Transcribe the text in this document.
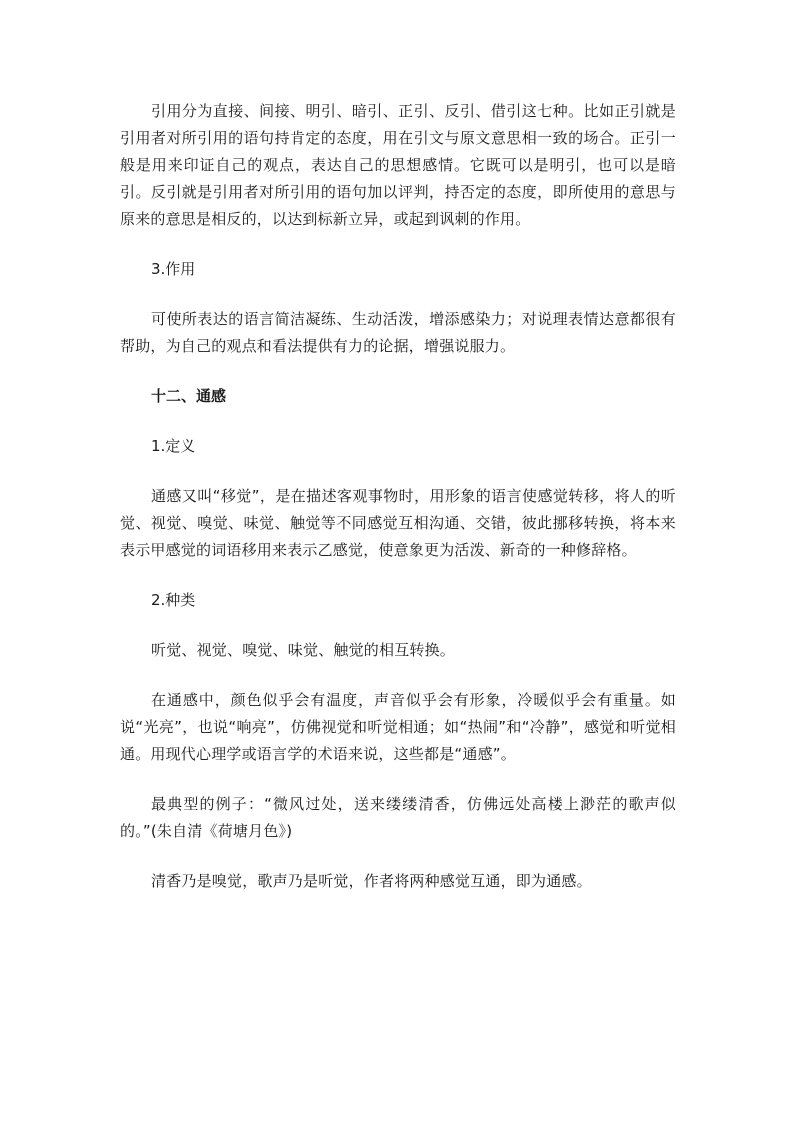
引用分为直接、间接、明引、暗引、正引、反引、借引这七种。比如正引就是引用者对所引用的语句持肯定的态度，用在引文与原文意思相一致的场合。正引一般是用来印证自己的观点，表达自己的思想感情。它既可以是明引，也可以是暗引。反引就是引用者对所引用的语句加以评判，持否定的态度，即所使用的意思与原来的意思是相反的，以达到标新立异，或起到讽刺的作用。

3.作用

可使所表达的语言简洁凝练、生动活泼，增添感染力；对说理表情达意都很有帮助，为自己的观点和看法提供有力的论据，增强说服力。

十二、通感

1.定义

通感又叫“移觉”，是在描述客观事物时，用形象的语言使感觉转移，将人的听觉、视觉、嗅觉、味觉、触觉等不同感觉互相沟通、交错，彼此挪移转换，将本来表示甲感觉的词语移用来表示乙感觉，使意象更为活泼、新奇的一种修辞格。

2.种类

听觉、视觉、嗅觉、味觉、触觉的相互转换。

在通感中，颜色似乎会有温度，声音似乎会有形象，冷暖似乎会有重量。如说“光亮”，也说“响亮”，仿佛视觉和听觉相通；如“热闹”和“冷静”，感觉和听觉相通。用现代心理学或语言学的术语来说，这些都是“通感”。

最典型的例子：“微风过处，送来缕缕清香，仿佛远处高楼上渺茫的歌声似的。”(朱自清《荷塘月色》)

清香乃是嗅觉，歌声乃是听觉，作者将两种感觉互通，即为通感。
